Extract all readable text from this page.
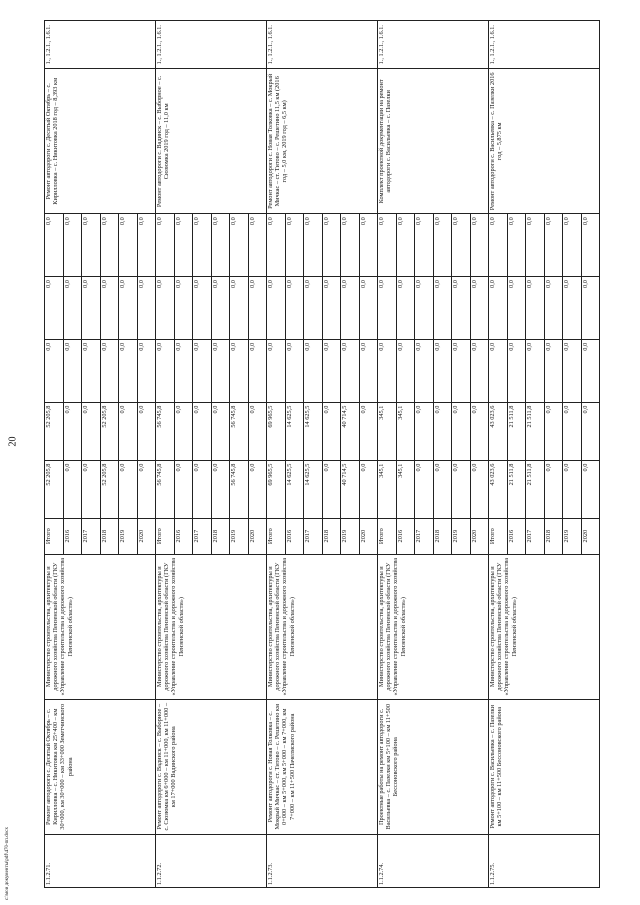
20
c:\мои документы\pdf\470-пп.docx	1.1.2.71.	Ремонт автодороги с. Десятый Октябрь – с. Кирилловка – с. Никитовка км 25+400 – км 30+000, км 30+000 – км 33+000 Земетчинского района	Министерство строительства, архитектуры и дорожного хозяйства Пензенской области (ГКУ «Управление строительства и дорожного хозяйства Пензенской области»)	Итого	52 205,8	52 205,8	0,0	0,0	0,0	Ремонт автодороги с. Десятый Октябрь – с. Кирилловка – с. Никитовка 2018 год – 8,393 км	1., 1.2.1., 1.6.1.
			2016	0,0	0,0	0,0	0,0	0,0		
			2017	0,0	0,0	0,0	0,0	0,0		
			2018	52 205,8	52 205,8	0,0	0,0	0,0		
			2019	0,0	0,0	0,0	0,0	0,0		
			2020	0,0	0,0	0,0	0,0	0,0		
1.1.2.72.	Ремонт автодороги с. Вадинск – с. Выборное – с. Сюзюмка км 6+000 – км 11+000, км 11+000 – км 17+000 Вадинского района	Министерство строительства, архитектуры и дорожного хозяйства Пензенской области (ГКУ «Управление строительства и дорожного хозяйства Пензенской области»)	Итого	56 745,8	56 745,8	0,0	0,0	0,0	Ремонт автодороги с. Вадинск – с. Выборное – с. Сюзюмка 2019 год – 11,0 км	1., 1.2.1., 1.6.1.
			2016	0,0	0,0	0,0	0,0	0,0		
			2017	0,0	0,0	0,0	0,0	0,0		
			2018	0,0	0,0	0,0	0,0	0,0		
			2019	56 745,8	56 745,8	0,0	0,0	0,0		
			2020	0,0	0,0	0,0	0,0	0,0		
1.1.2.73.	Ремонт автодороги с. Новая Толковка – с. Мокрый Мичкас – ст. Титово – с. Решетино км 0+000 – км 5+000, км 5+000 – км 7+000, км 7+000 – км 11+500 Пачелмского района	Министерство строительства, архитектуры и дорожного хозяйства Пензенской области (ГКУ «Управление строительства и дорожного хозяйства Пензенской области»)	Итого	69 965,5	69 965,5	0,0	0,0	0,0	Ремонт автодороги с. Новая Толковка – с. Мокрый Мичкас – ст. Титово – с. Решетино 11,5 км (2016 год – 5,0 км, 2019 год – 6,5 км)	1., 1.2.1., 1.6.1.
			2016	14 625,5	14 625,5	0,0	0,0	0,0		
			2017	14 625,5	14 625,5	0,0	0,0	0,0		
			2018	0,0	0,0	0,0	0,0	0,0		
			2019	40 714,5	40 714,5	0,0	0,0	0,0		
			2020	0,0	0,0	0,0	0,0	0,0		
1.1.2.74.	Проектные работы на ремонт автодороги с. Васильевка – с. Пазелки км 5+100 – км 11+500 Бессоновского района	Министерство строительства, архитектуры и дорожного хозяйства Пензенской области (ГКУ «Управление строительства и дорожного хозяйства Пензенской области»)	Итого	345,1	345,1	0,0	0,0	0,0	Комплект проектной документации на ремонт автодороги с. Васильевка – с. Пазелки	1., 1.2.1., 1.6.1.
			2016	345,1	345,1	0,0	0,0	0,0		
			2017	0,0	0,0	0,0	0,0	0,0		
			2018	0,0	0,0	0,0	0,0	0,0		
			2019	0,0	0,0	0,0	0,0	0,0		
			2020	0,0	0,0	0,0	0,0	0,0		
1.1.2.75.	Ремонт автодороги с. Васильевка – с. Пазелки км 5+100 – км 11+500 Бессоновского района	Министерство строительства, архитектуры и дорожного хозяйства Пензенской области (ГКУ «Управление строительства и дорожного хозяйства Пензенской области»)	Итого	43 023,6	43 023,6	0,0	0,0	0,0	Ремонт автодороги с. Васильевка – с. Пазелки 2016 год – 5,875 км	1., 1.2.1., 1.6.1.
			2016	21 511,8	21 511,8	0,0	0,0	0,0		
			2017	21 511,8	21 511,8	0,0	0,0	0,0		
			2018	0,0	0,0	0,0	0,0	0,0		
			2019	0,0	0,0	0,0	0,0	0,0		
			2020	0,0	0,0	0,0	0,0	0,0		
